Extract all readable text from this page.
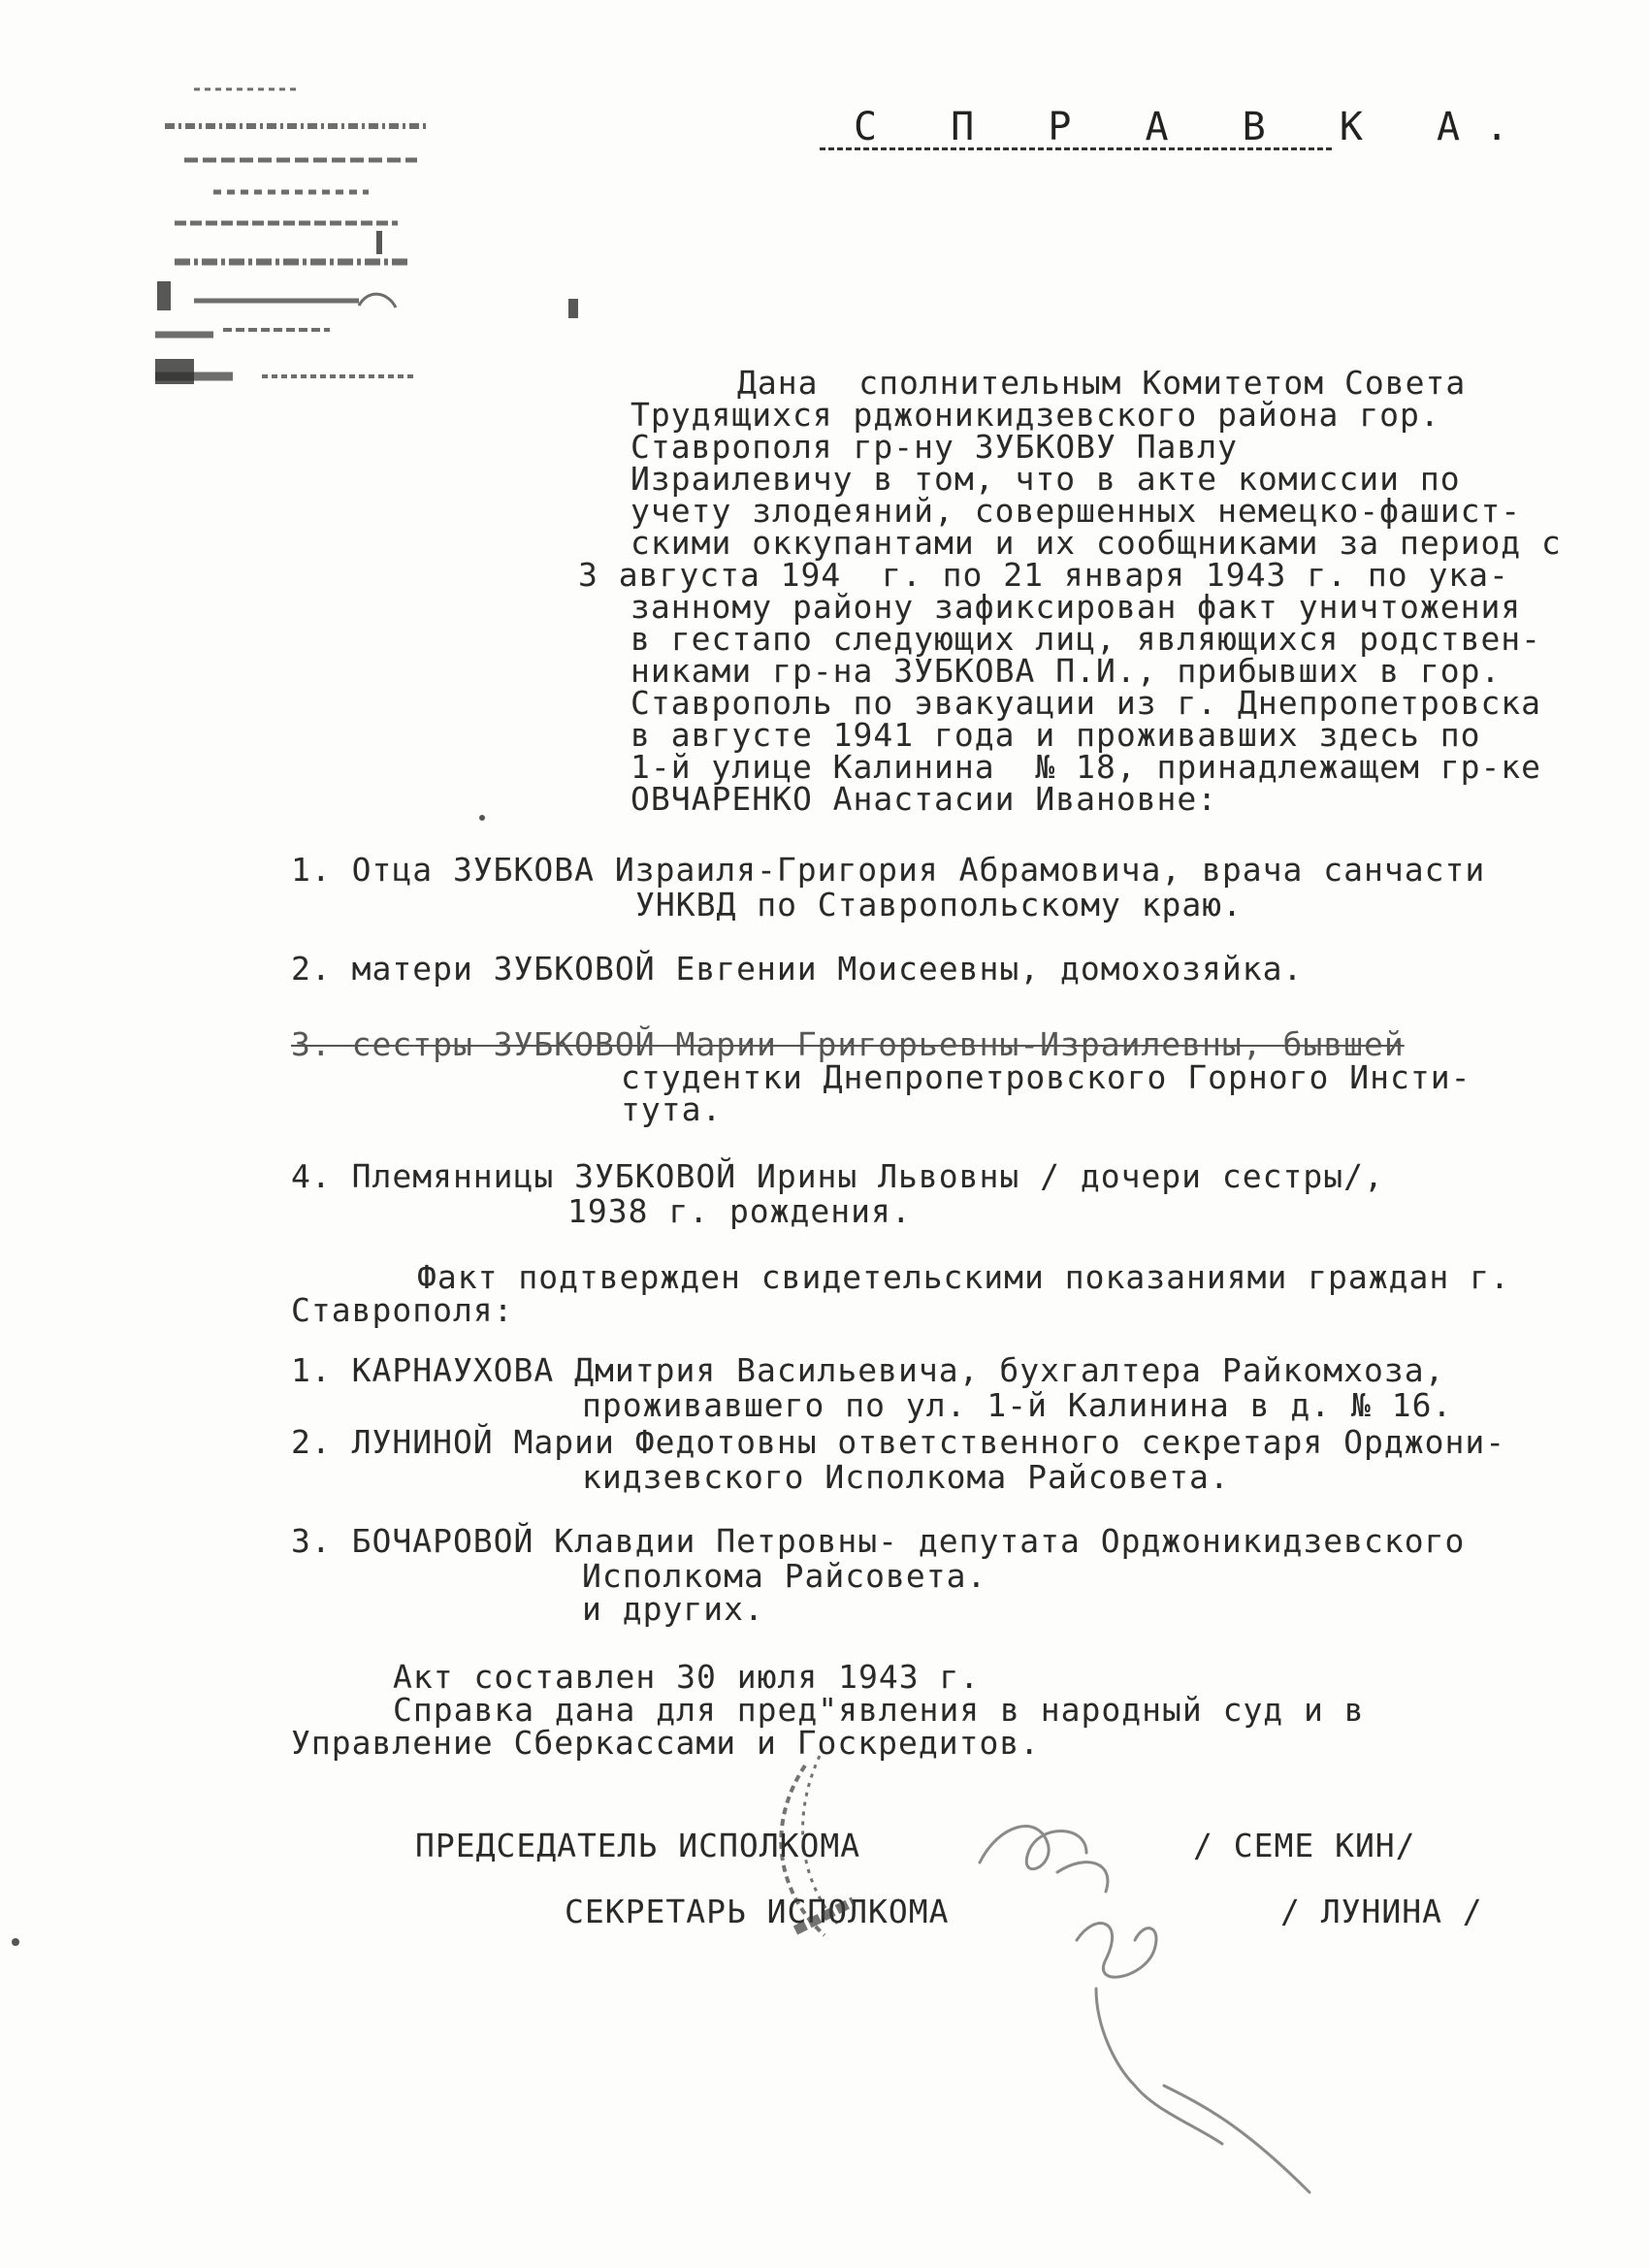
С П Р А В К А.
Дана  сполнительным Комитетом Совета
Трудящихся рджоникидзевского района гор.
Ставрополя гр-ну ЗУБКОВУ Павлу
Израилевичу в том, что в акте комиссии по
учету злодеяний, совершенных немецко-фашист-
скими оккупантами и их сообщниками за период с
3 августа 194  г. по 21 января 1943 г. по ука-
занному району зафиксирован факт уничтожения
в гестапо следующих лиц, являющихся родствен-
никами гр-на ЗУБКОВА П.И., прибывших в гор.
Ставрополь по эвакуации из г. Днепропетровска
в августе 1941 года и проживавших здесь по
1-й улице Калинина  № 18, принадлежащем гр-ке
ОВЧАРЕНКО Анастасии Ивановне:
1. Отца ЗУБКОВА Израиля-Григория Абрамовича, врача санчасти
УНКВД по Ставропольскому краю.
2. матери ЗУБКОВОЙ Евгении Моисеевны, домохозяйка.
3. сестры ЗУБКОВОЙ Марии Григорьевны-Израилевны, бывшей
студентки Днепропетровского Горного Инсти-
тута.
4. Племянницы ЗУБКОВОЙ Ирины Львовны / дочери сестры/,
1938 г. рождения.
Факт подтвержден свидетельскими показаниями граждан г.
Ставрополя:
1. КАРНАУХОВА Дмитрия Васильевича, бухгалтера Райкомхоза,
проживавшего по ул. 1-й Калинина в д. № 16.
2. ЛУНИНОЙ Марии Федотовны ответственного секретаря Орджони-
кидзевского Исполкома Райсовета.
3. БОЧАРОВОЙ Клавдии Петровны- депутата Орджоникидзевского
Исполкома Райсовета.
и других.
Акт составлен 30 июля 1943 г.
Справка дана для пред"явления в народный суд и в
Управление Сберкассами и Госкредитов.
ПРЕДСЕДАТЕЛЬ ИСПОЛКОМА	/ СЕМЕ КИН/
СЕКРЕТАРЬ ИСПОЛКОМА	/ ЛУНИНА /
